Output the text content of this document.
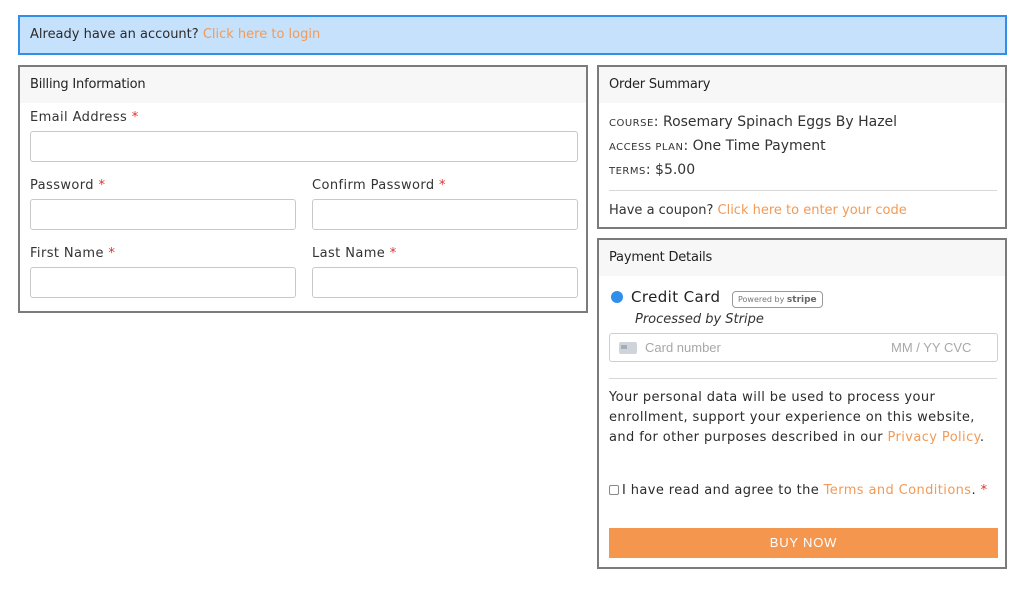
Already have an account? Click here to login
Billing Information
Email Address *
Password *	Confirm Password *
First Name *	Last Name *
Order Summary
COURSE: Rosemary Spinach Eggs By Hazel
ACCESS PLAN: One Time Payment
TERMS: $5.00
Have a coupon? Click here to enter your code
Payment Details
Credit Card	Powered by stripe
Processed by Stripe
Card number	MM / YY CVC
Your personal data will be used to process your enrollment, support your experience on this website, and for other purposes described in our Privacy Policy.
I have read and agree to the Terms and Conditions. *
BUY NOW
